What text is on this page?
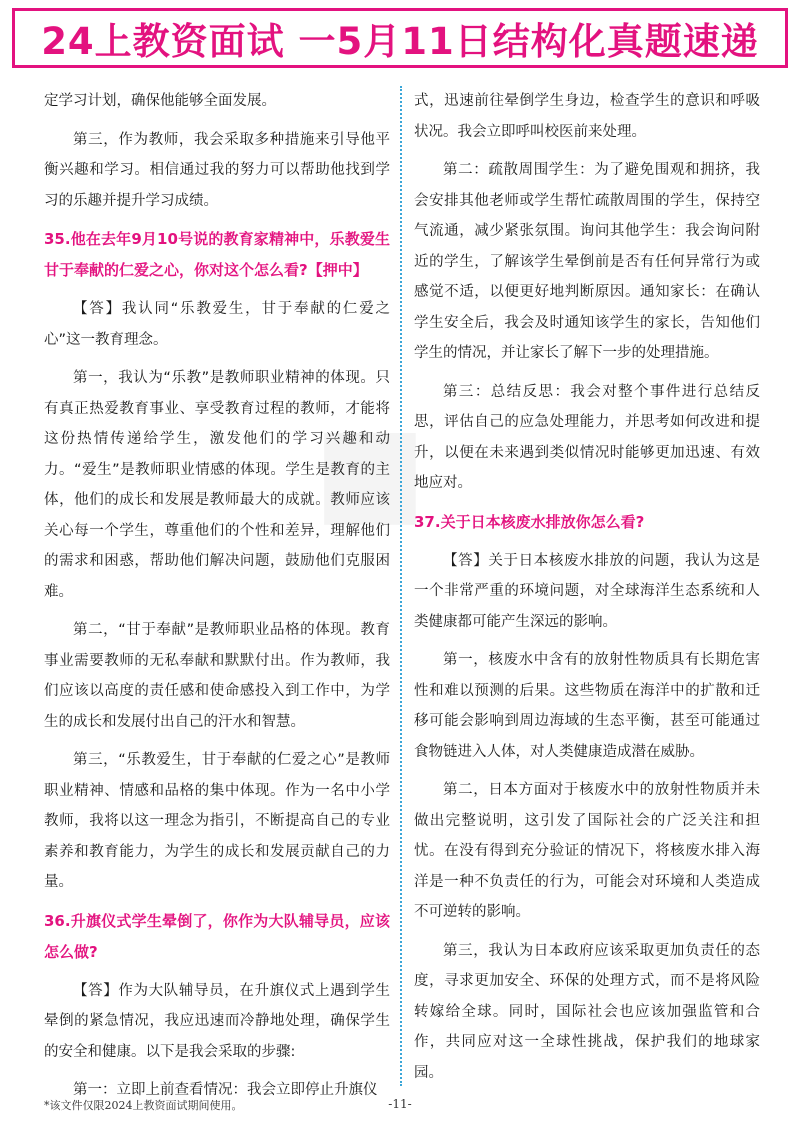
24上教资面试 一5月11日结构化真题速递

定学习计划，确保他能够全面发展。

第三，作为教师，我会采取多种措施来引导他平衡兴趣和学习。相信通过我的努力可以帮助他找到学习的乐趣并提升学习成绩。

35.他在去年9月10号说的教育家精神中，乐教爱生甘于奉献的仁爱之心，你对这个怎么看?【押中】

【答】我认同“乐教爱生，甘于奉献的仁爱之心”这一教育理念。

第一，我认为“乐教”是教师职业精神的体现。只有真正热爱教育事业、享受教育过程的教师，才能将这份热情传递给学生，激发他们的学习兴趣和动力。“爱生”是教师职业情感的体现。学生是教育的主体，他们的成长和发展是教师最大的成就。教师应该关心每一个学生，尊重他们的个性和差异，理解他们的需求和困惑，帮助他们解决问题，鼓励他们克服困难。

第二，“甘于奉献”是教师职业品格的体现。教育事业需要教师的无私奉献和默默付出。作为教师，我们应该以高度的责任感和使命感投入到工作中，为学生的成长和发展付出自己的汗水和智慧。

第三，“乐教爱生，甘于奉献的仁爱之心”是教师职业精神、情感和品格的集中体现。作为一名中小学教师，我将以这一理念为指引，不断提高自己的专业素养和教育能力，为学生的成长和发展贡献自己的力量。

36.升旗仪式学生晕倒了，你作为大队辅导员，应该怎么做?

【答】作为大队辅导员，在升旗仪式上遇到学生晕倒的紧急情况，我应迅速而冷静地处理，确保学生的安全和健康。以下是我会采取的步骤:

第一：立即上前查看情况：我会立即停止升旗仪

式，迅速前往晕倒学生身边，检查学生的意识和呼吸状况。我会立即呼叫校医前来处理。

第二：疏散周围学生：为了避免围观和拥挤，我会安排其他老师或学生帮忙疏散周围的学生，保持空气流通，减少紧张氛围。询问其他学生：我会询问附近的学生，了解该学生晕倒前是否有任何异常行为或感觉不适，以便更好地判断原因。通知家长：在确认学生安全后，我会及时通知该学生的家长，告知他们学生的情况，并让家长了解下一步的处理措施。

第三：总结反思：我会对整个事件进行总结反思，评估自己的应急处理能力，并思考如何改进和提升，以便在未来遇到类似情况时能够更加迅速、有效地应对。

37.关于日本核废水排放你怎么看?

【答】关于日本核废水排放的问题，我认为这是一个非常严重的环境问题，对全球海洋生态系统和人类健康都可能产生深远的影响。

第一，核废水中含有的放射性物质具有长期危害性和难以预测的后果。这些物质在海洋中的扩散和迁移可能会影响到周边海域的生态平衡，甚至可能通过食物链进入人体，对人类健康造成潜在威胁。

第二，日本方面对于核废水中的放射性物质并未做出完整说明，这引发了国际社会的广泛关注和担忧。在没有得到充分验证的情况下，将核废水排入海洋是一种不负责任的行为，可能会对环境和人类造成不可逆转的影响。

第三，我认为日本政府应该采取更加负责任的态度，寻求更加安全、环保的处理方式，而不是将风险转嫁给全球。同时，国际社会也应该加强监管和合作，共同应对这一全球性挑战，保护我们的地球家园。

*该文件仅限2024上教资面试期间使用。	-11-
